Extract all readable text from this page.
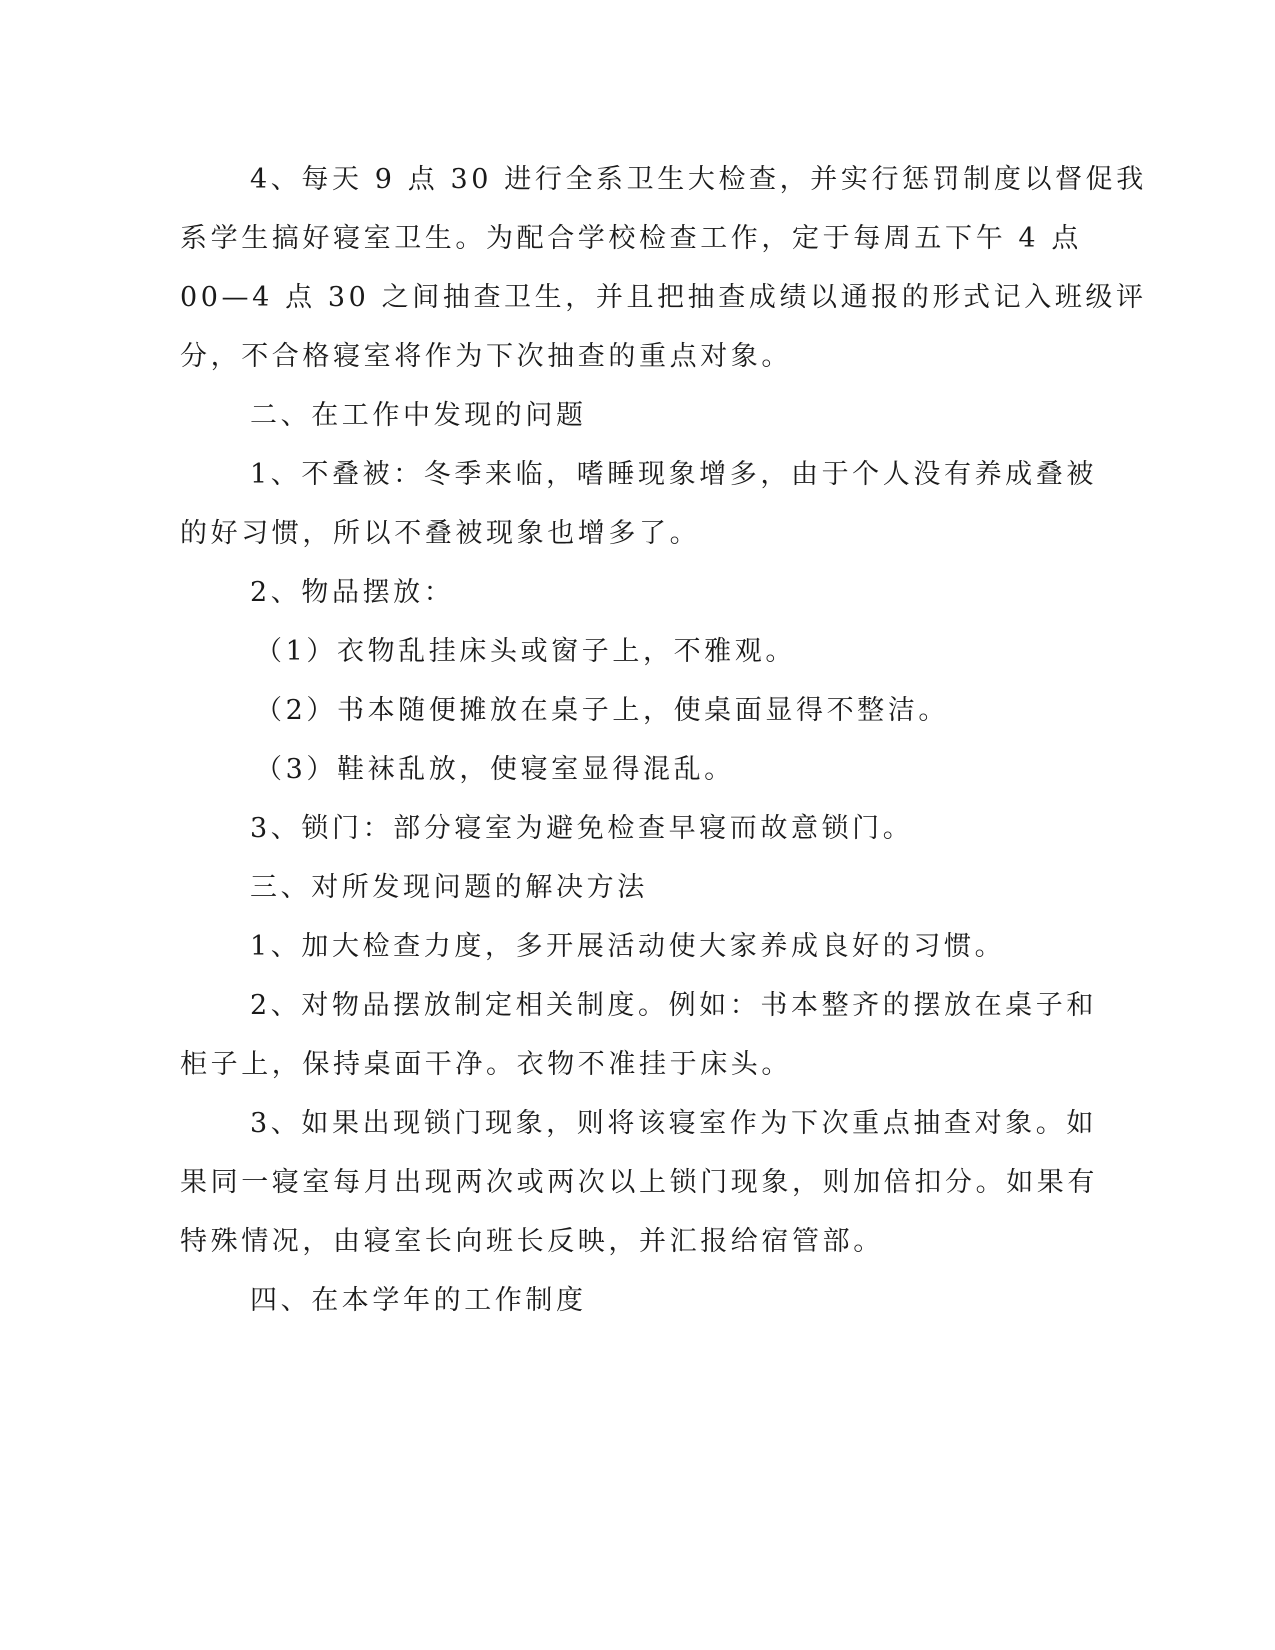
4、每天 9 点 30 进行全系卫生大检查，并实行惩罚制度以督促我
系学生搞好寝室卫生。为配合学校检查工作，定于每周五下午 4 点
00—4 点 30 之间抽查卫生，并且把抽查成绩以通报的形式记入班级评
分，不合格寝室将作为下次抽查的重点对象。
二、在工作中发现的问题
1、不叠被：冬季来临，嗜睡现象增多，由于个人没有养成叠被
的好习惯，所以不叠被现象也增多了。
2、物品摆放：
（1）衣物乱挂床头或窗子上，不雅观。
（2）书本随便摊放在桌子上，使桌面显得不整洁。
（3）鞋袜乱放，使寝室显得混乱。
3、锁门：部分寝室为避免检查早寝而故意锁门。
三、对所发现问题的解决方法
1、加大检查力度，多开展活动使大家养成良好的习惯。
2、对物品摆放制定相关制度。例如：书本整齐的摆放在桌子和
柜子上，保持桌面干净。衣物不准挂于床头。
3、如果出现锁门现象，则将该寝室作为下次重点抽查对象。如
果同一寝室每月出现两次或两次以上锁门现象，则加倍扣分。如果有
特殊情况，由寝室长向班长反映，并汇报给宿管部。
四、在本学年的工作制度
